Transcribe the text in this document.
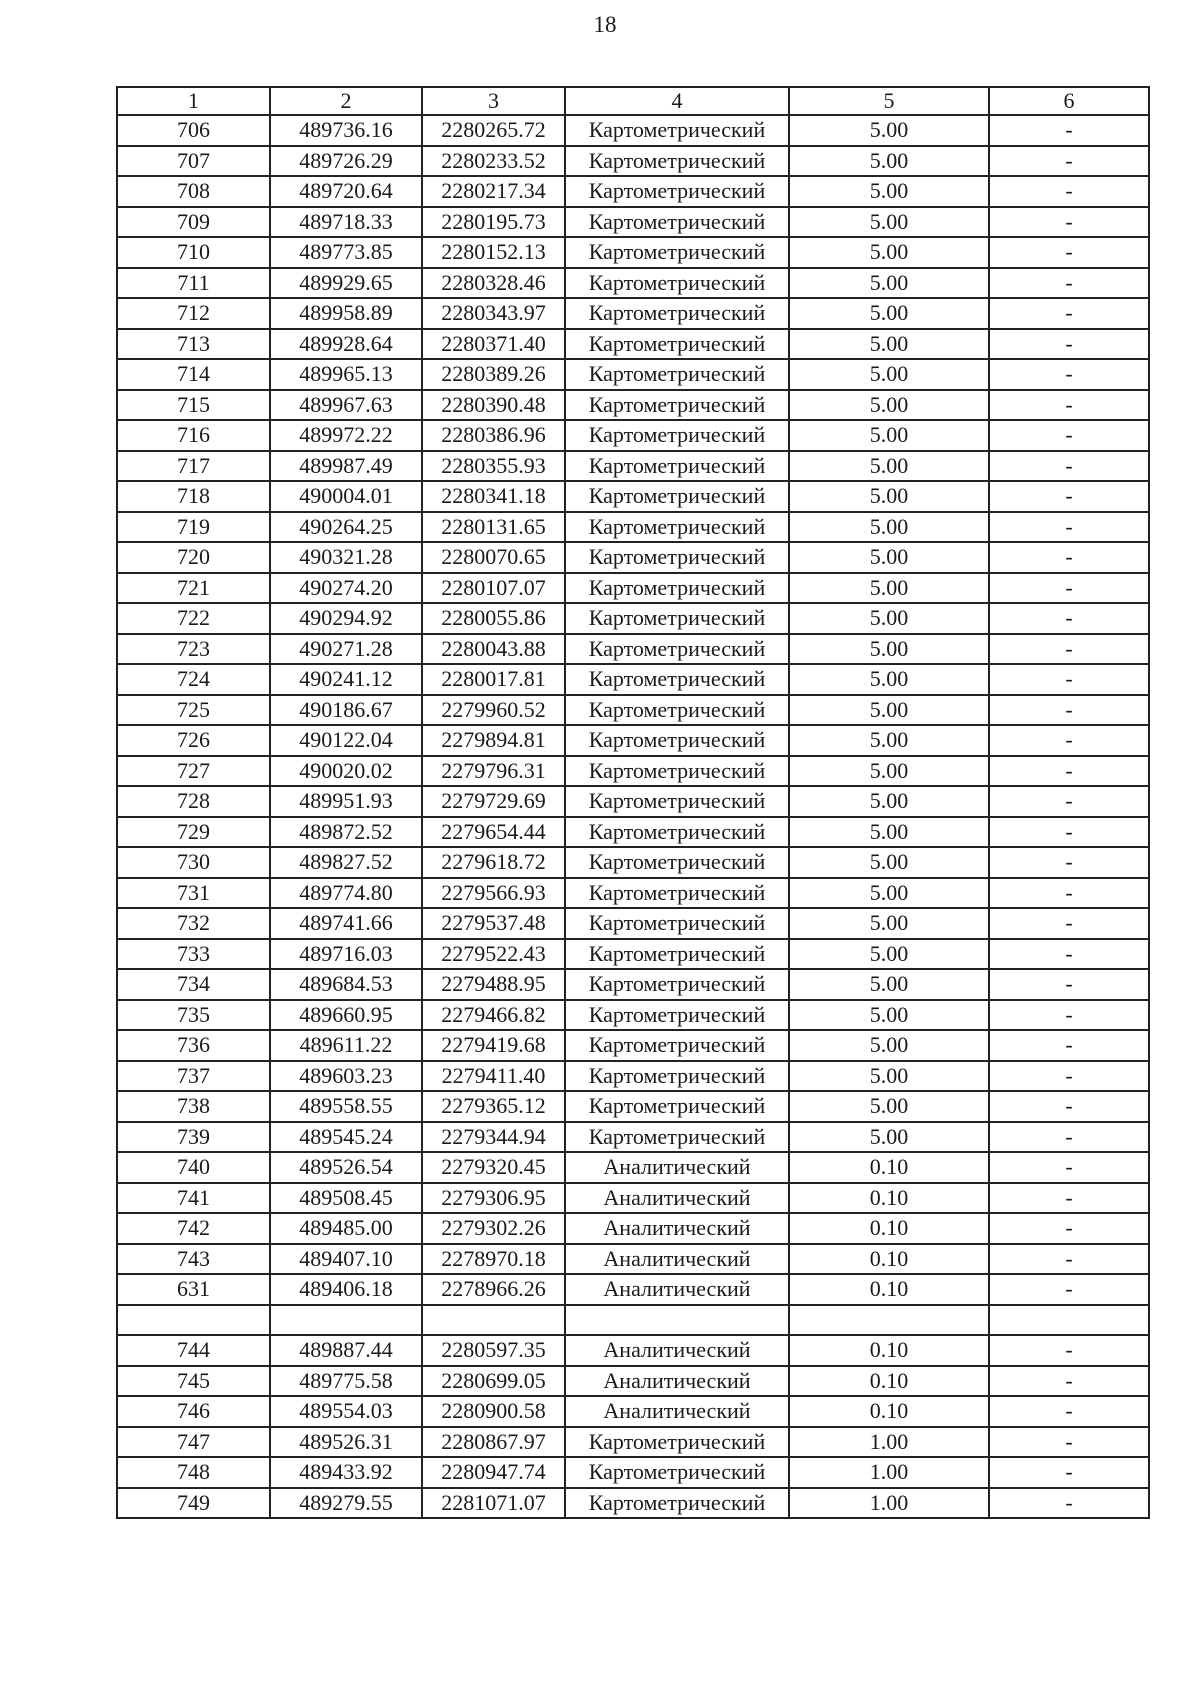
18
1	2	3	4	5	6
706	489736.16	2280265.72	Картометрический	5.00	-
707	489726.29	2280233.52	Картометрический	5.00	-
708	489720.64	2280217.34	Картометрический	5.00	-
709	489718.33	2280195.73	Картометрический	5.00	-
710	489773.85	2280152.13	Картометрический	5.00	-
711	489929.65	2280328.46	Картометрический	5.00	-
712	489958.89	2280343.97	Картометрический	5.00	-
713	489928.64	2280371.40	Картометрический	5.00	-
714	489965.13	2280389.26	Картометрический	5.00	-
715	489967.63	2280390.48	Картометрический	5.00	-
716	489972.22	2280386.96	Картометрический	5.00	-
717	489987.49	2280355.93	Картометрический	5.00	-
718	490004.01	2280341.18	Картометрический	5.00	-
719	490264.25	2280131.65	Картометрический	5.00	-
720	490321.28	2280070.65	Картометрический	5.00	-
721	490274.20	2280107.07	Картометрический	5.00	-
722	490294.92	2280055.86	Картометрический	5.00	-
723	490271.28	2280043.88	Картометрический	5.00	-
724	490241.12	2280017.81	Картометрический	5.00	-
725	490186.67	2279960.52	Картометрический	5.00	-
726	490122.04	2279894.81	Картометрический	5.00	-
727	490020.02	2279796.31	Картометрический	5.00	-
728	489951.93	2279729.69	Картометрический	5.00	-
729	489872.52	2279654.44	Картометрический	5.00	-
730	489827.52	2279618.72	Картометрический	5.00	-
731	489774.80	2279566.93	Картометрический	5.00	-
732	489741.66	2279537.48	Картометрический	5.00	-
733	489716.03	2279522.43	Картометрический	5.00	-
734	489684.53	2279488.95	Картометрический	5.00	-
735	489660.95	2279466.82	Картометрический	5.00	-
736	489611.22	2279419.68	Картометрический	5.00	-
737	489603.23	2279411.40	Картометрический	5.00	-
738	489558.55	2279365.12	Картометрический	5.00	-
739	489545.24	2279344.94	Картометрический	5.00	-
740	489526.54	2279320.45	Аналитический	0.10	-
741	489508.45	2279306.95	Аналитический	0.10	-
742	489485.00	2279302.26	Аналитический	0.10	-
743	489407.10	2278970.18	Аналитический	0.10	-
631	489406.18	2278966.26	Аналитический	0.10	-

744	489887.44	2280597.35	Аналитический	0.10	-
745	489775.58	2280699.05	Аналитический	0.10	-
746	489554.03	2280900.58	Аналитический	0.10	-
747	489526.31	2280867.97	Картометрический	1.00	-
748	489433.92	2280947.74	Картометрический	1.00	-
749	489279.55	2281071.07	Картометрический	1.00	-
